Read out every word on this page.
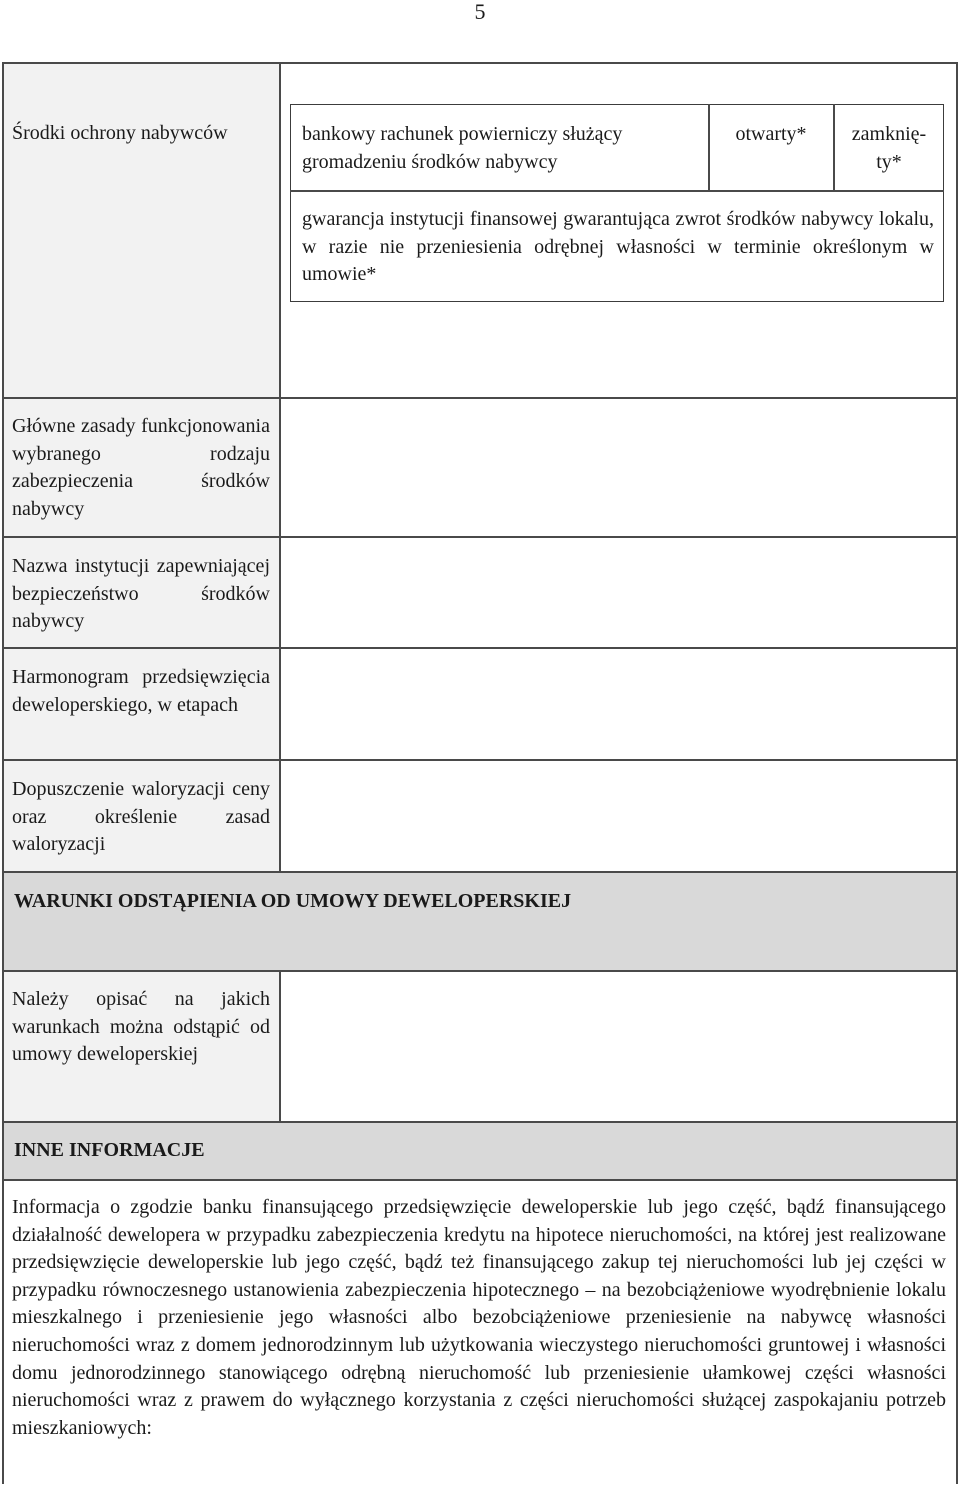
5
Środki ochrony nabywców	bankowy rachunek powierniczy służący gromadzeniu środków nabywcy
otwarty*	zamknię-
ty*
gwarancja instytucji finansowej gwarantująca zwrot środków nabywcy lokalu, w razie nie przeniesienia odrębnej własności w terminie określonym w umowie*
Główne zasady funkcjonowania wybranego rodzaju zabezpieczenia środków nabywcy
Nazwa instytucji zapewniającej bezpieczeństwo środków nabywcy
Harmonogram przedsięwzięcia deweloperskiego, w etapach
Dopuszczenie waloryzacji ceny oraz określenie zasad waloryzacji
WARUNKI ODSTĄPIENIA OD UMOWY DEWELOPERSKIEJ
Należy opisać na jakich warunkach można odstąpić od umowy deweloperskiej
INNE INFORMACJE
Informacja o zgodzie banku finansującego przedsięwzięcie deweloperskie lub jego część, bądź finansującego działalność dewelopera w przypadku zabezpieczenia kredytu na hipotece nieruchomości, na której jest realizowane przedsięwzięcie deweloperskie lub jego część, bądź też finansującego zakup tej nieruchomości lub jej części w przypadku równoczesnego ustanowienia zabezpieczenia hipotecznego – na bezobciążeniowe wyodrębnienie lokalu mieszkalnego i przeniesienie jego własności albo bezobciążeniowe przeniesienie na nabywcę własności nieruchomości wraz z domem jednorodzinnym lub użytkowania wieczystego nieruchomości gruntowej i własności domu jednorodzinnego stanowiącego odrębną nieruchomość lub przeniesienie ułamkowej części własności nieruchomości wraz z prawem do wyłącznego korzystania z części nieruchomości służącej zaspokajaniu potrzeb mieszkaniowych:
